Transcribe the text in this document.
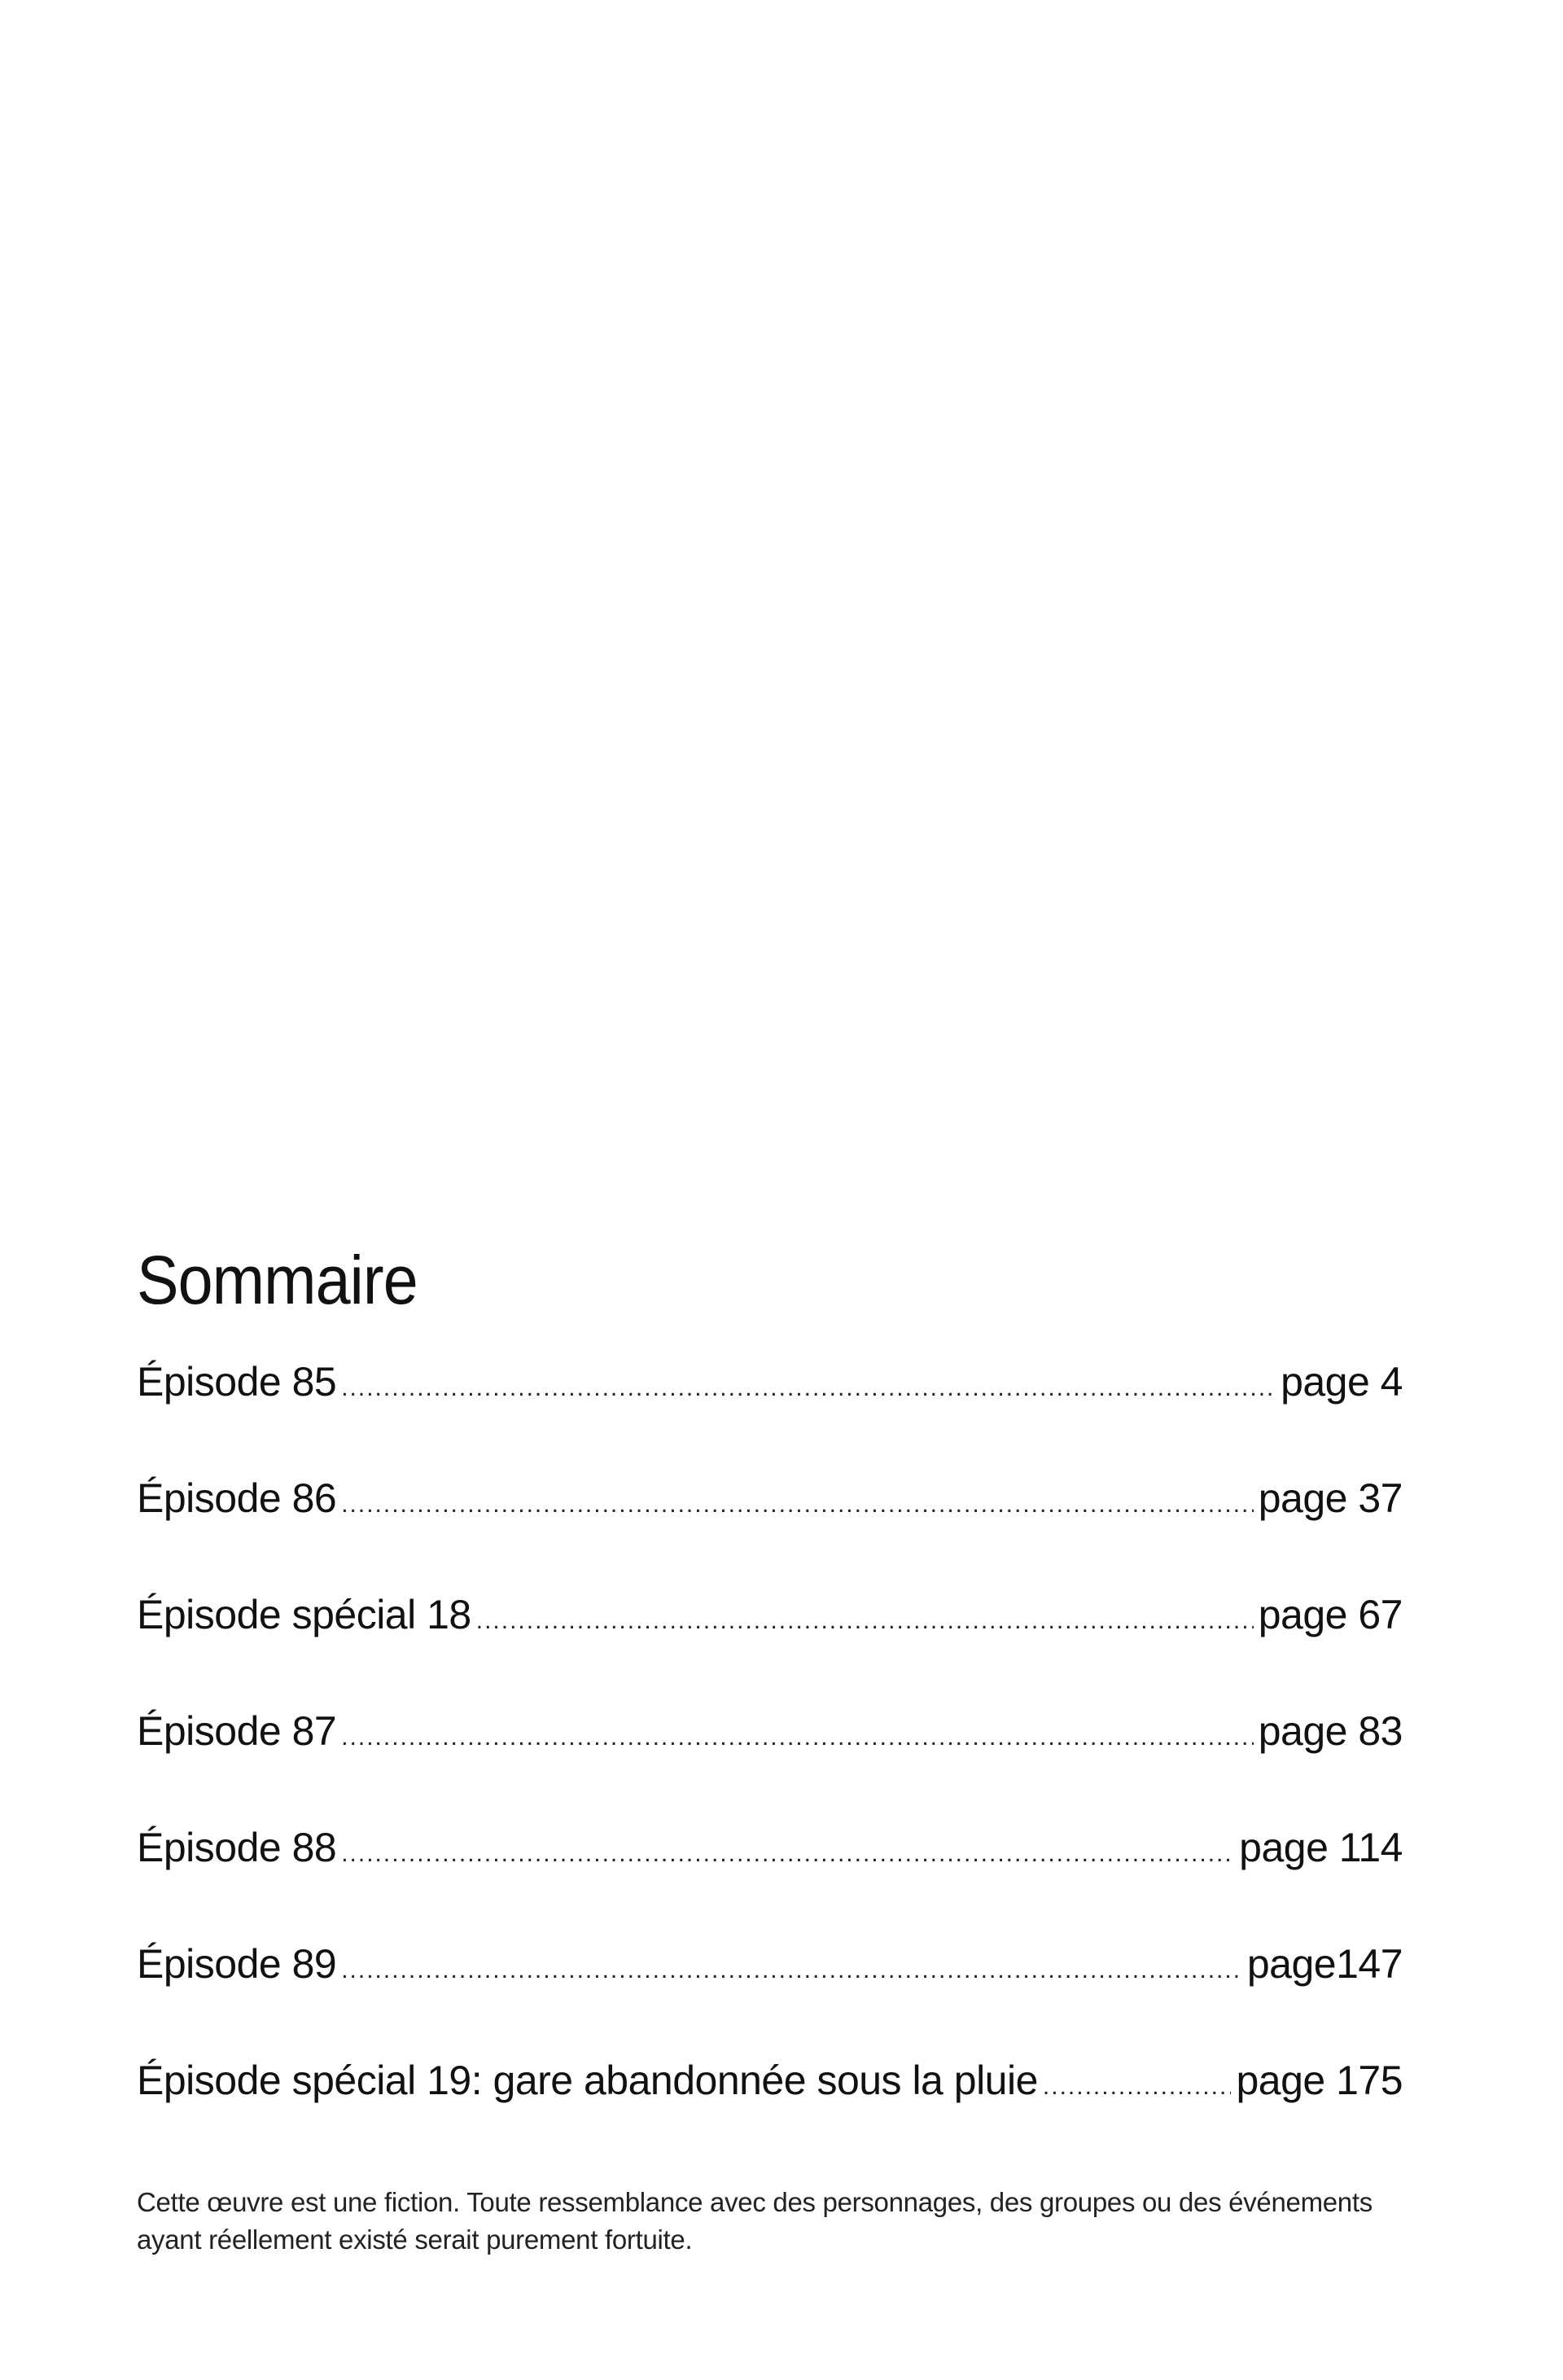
Sommaire
Épisode 85 .....	page 4
Épisode 86 .....	page 37
Épisode spécial 18 .....	page 67
Épisode 87 .....	page 83
Épisode 88 .....	page 114
Épisode 89 .....	page147
Épisode spécial 19: gare abandonnée sous la pluie .....	page 175
Cette œuvre est une fiction. Toute ressemblance avec des personnages, des groupes ou des événements
ayant réellement existé serait purement fortuite.
